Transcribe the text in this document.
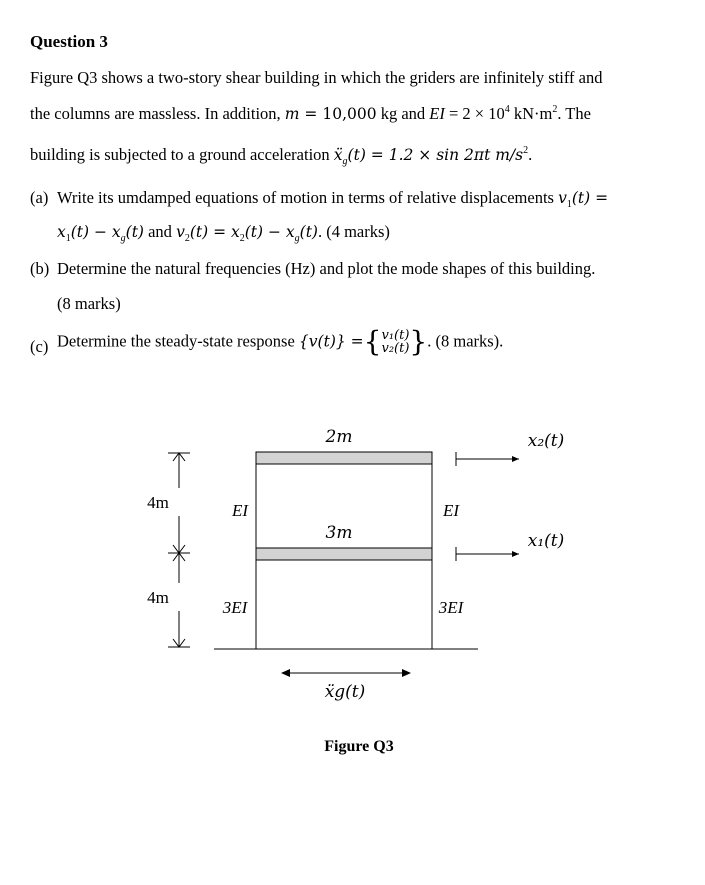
Question 3
Figure Q3 shows a two-story shear building in which the griders are infinitely stiff and
the columns are massless. In addition, m = 10,000 kg and EI = $2 \times 10^4$ $kN\cdot m^2$. The
building is subjected to a ground acceleration ẍ$_g$(t) = 1.2 × sin 2πt $m/s^2$.
(a) Write its umdamped equations of motion in terms of relative displacements $v_1(t)$ =
$x_1(t) - x_g(t)$ and $v_2(t) = x_2(t) - x_g(t)$. (4 marks)
(b) Determine the natural frequencies (Hz) and plot the mode shapes of this building.
(8 marks)
(c) Determine the steady-state response {v(t)} ={ v₁(t)
v₂(t) }. (8 marks).
4m
4m
2m
3m
EI	EI
3EI	3EI
x₂(t)
x₁(t)
ẍg(t)
Figure Q3
